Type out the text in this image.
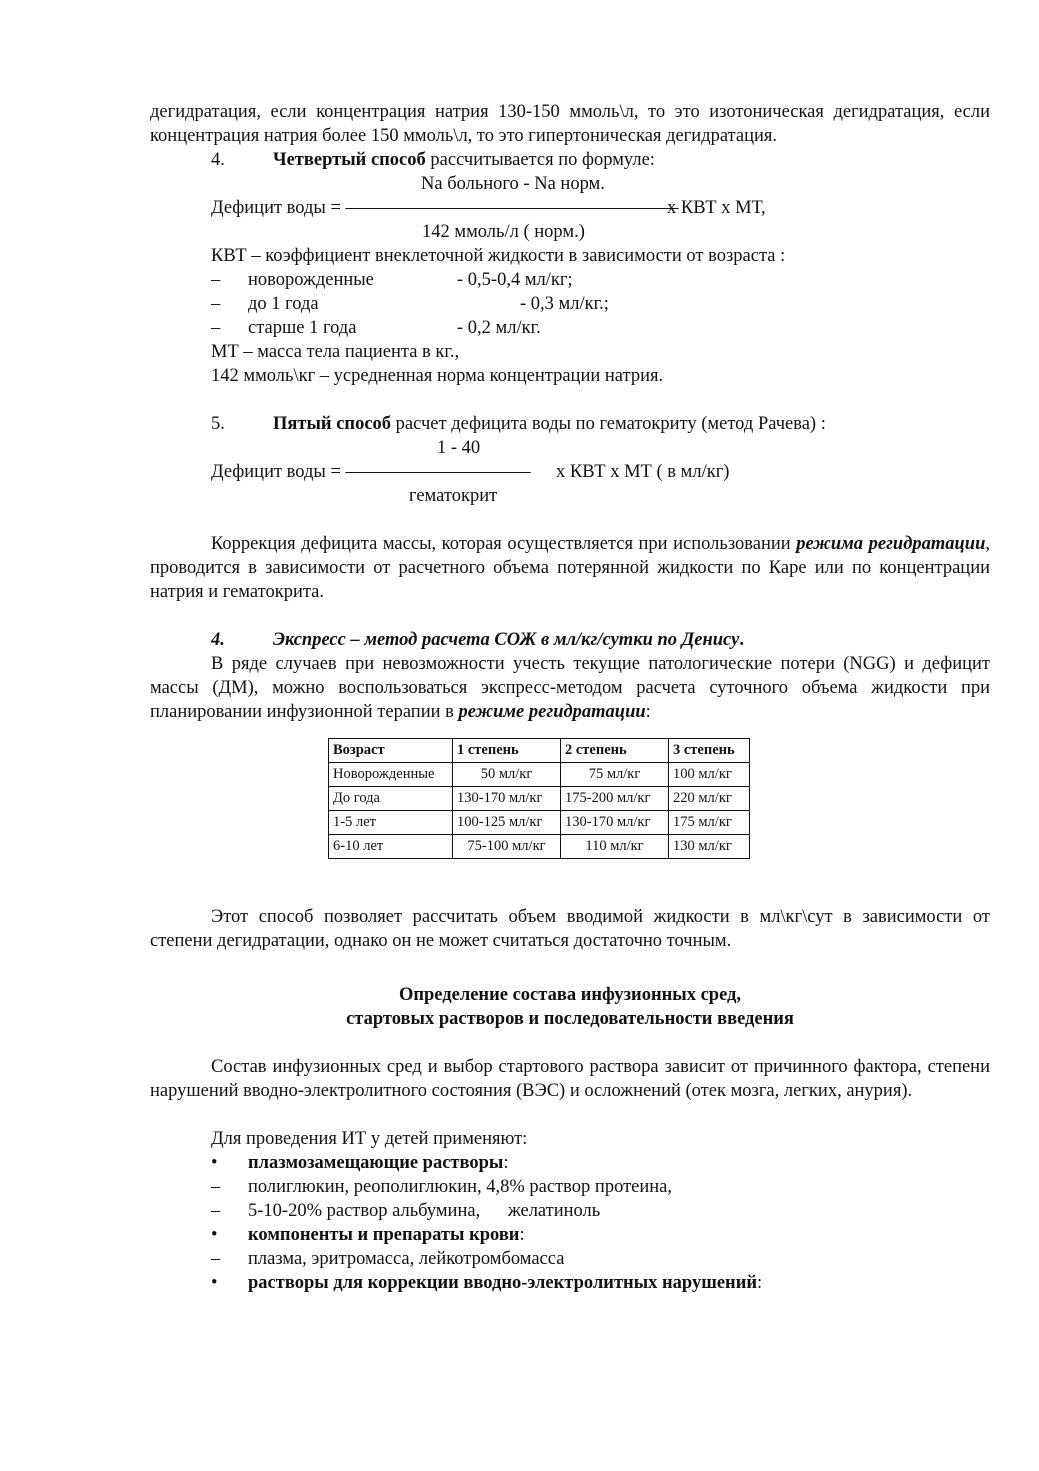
дегидратация, если концентрация натрия 130-150 ммоль\л, то это изотоническая дегидратация, если концентрация натрия более 150 ммоль\л, то это гипертоническая дегидратация.

4.	Четвертый способ рассчитывается по формуле:

Na больного - Na норм.
Дефицит воды = ——————————————————
х КВТ х МТ,
142 ммоль/л ( норм.)

КВТ – коэффициент внеклеточной жидкости в зависимости от возраста :

– новорожденные	- 0,5-0,4 мл/кг;
– до 1 года	- 0,3 мл/кг.;
– старше 1 года	- 0,2 мл/кг.

МТ – масса тела пациента в кг.,

142 ммоль\кг – усредненная норма концентрации натрия.

5.	Пятый способ расчет дефицита воды по гематокриту (метод Рачева) :

1 - 40
Дефицит воды = —————————— х КВТ х МТ ( в мл/кг)
гематокрит

Коррекция дефицита массы, которая осуществляется при использовании режима регидратации, проводится в зависимости от расчетного объема потерянной жидкости по Каре или по концентрации натрия и гематокрита.

4.	Экспресс – метод расчета СОЖ в мл/кг/сутки по Денису.

В ряде случаев при невозможности учесть текущие патологические потери (NGG) и дефицит массы (ДМ), можно воспользоваться экспресс-методом расчета суточного объема жидкости при планировании инфузионной терапии в режиме регидратации:

Возраст	1 степень	2 степень	3 степень
Новорожденные	50 мл/кг	75 мл/кг	100 мл/кг
До года	130-170 мл/кг	175-200 мл/кг	220 мл/кг
1-5 лет	100-125 мл/кг	130-170 мл/кг	175 мл/кг
6-10 лет	75-100 мл/кг	110 мл/кг	130 мл/кг

Этот способ позволяет рассчитать объем вводимой жидкости в мл\кг\сут в зависимости от степени дегидратации, однако он не может считаться достаточно точным.

Определение состава инфузионных сред,

стартовых растворов и последовательности введения

Состав инфузионных сред и выбор стартового раствора зависит от причинного фактора, степени нарушений вводно-электролитного состояния (ВЭС) и осложнений (отек мозга, легких, анурия).

Для проведения ИТ у детей применяют:

• плазмозамещающие растворы:
– полиглюкин, реополиглюкин, 4,8% раствор протеина,
– 5-10-20% раствор альбумина,      желатиноль
• компоненты и препараты крови:
– плазма, эритромасса, лейкотромбомасса
• растворы для коррекции вводно-электролитных нарушений:
